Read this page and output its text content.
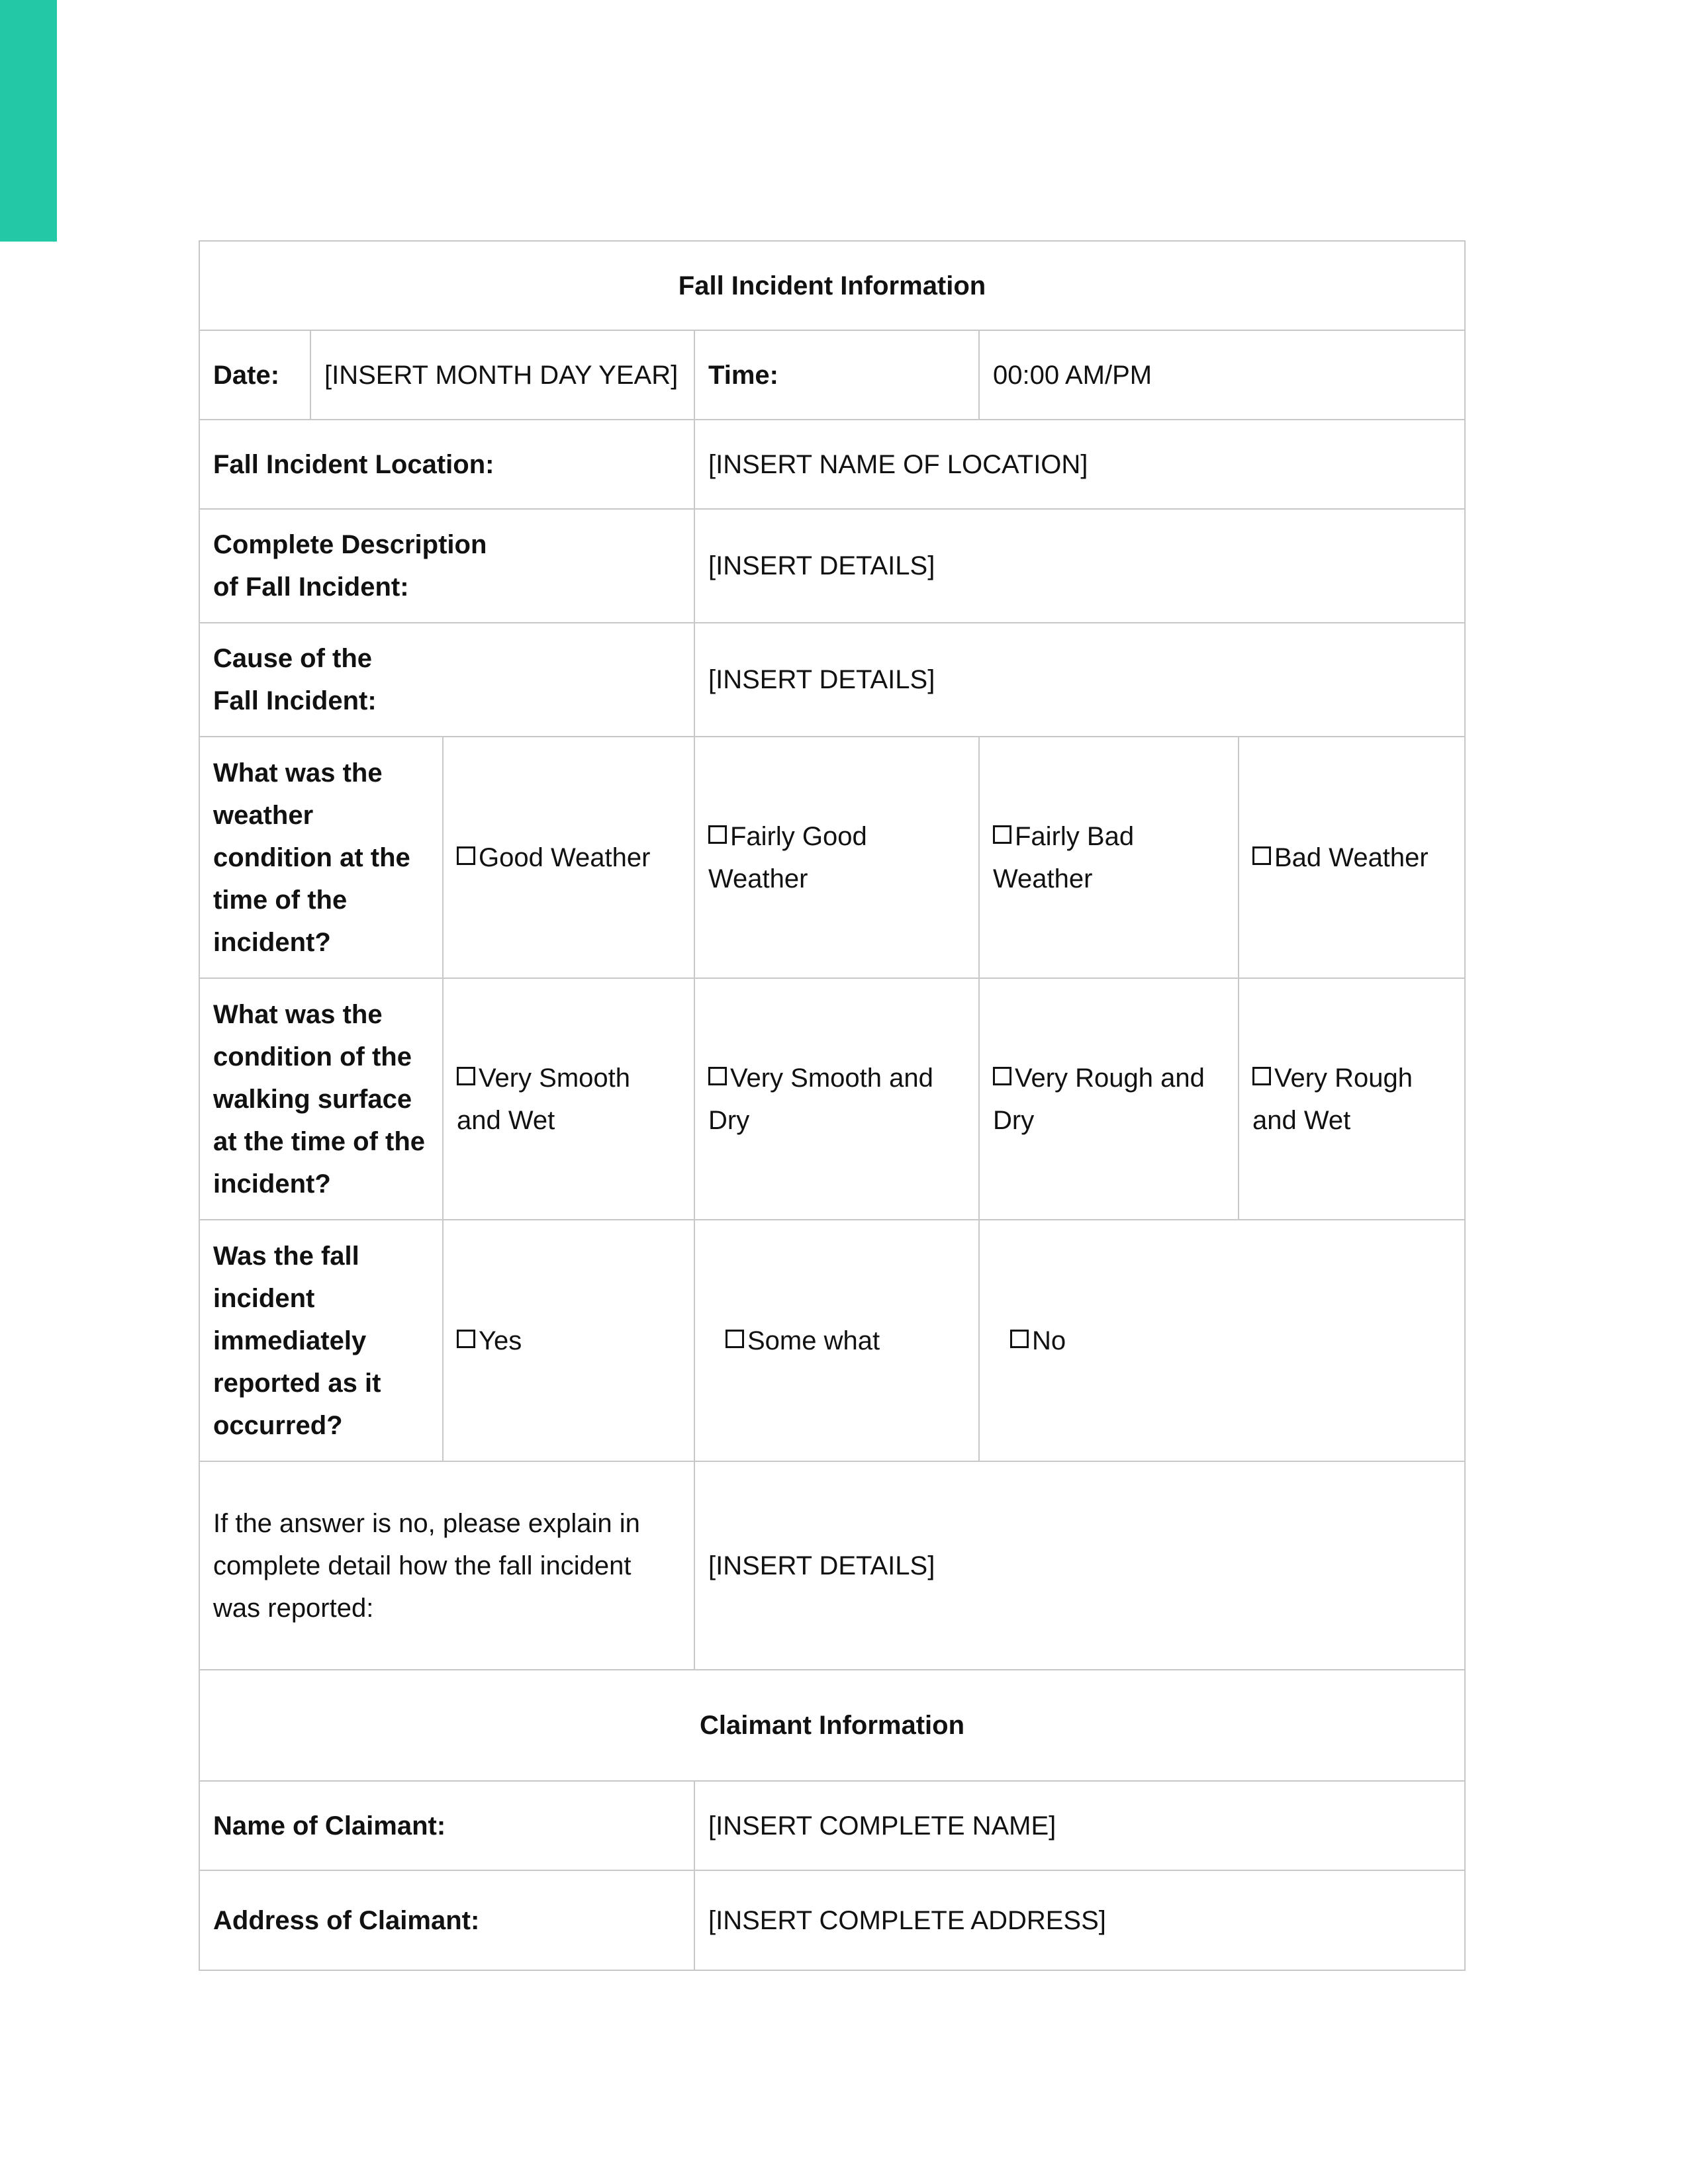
Fall Incident Information					
Date:	[INSERT MONTH DAY YEAR]		Time:	00:00 AM/PM	
Fall Incident Location:			[INSERT NAME OF LOCATION]		
Complete Description
of Fall Incident:			[INSERT DETAILS]		
Cause of the
Fall Incident:			[INSERT DETAILS]		
What was the weather condition at the time of the incident?		Good Weather	Fairly Good Weather	Fairly Bad Weather	Bad Weather
What was the condition of the walking surface at the time of the incident?		Very Smooth and Wet	Very Smooth and Dry	Very Rough and Dry	Very Rough and Wet
Was the fall incident immediately reported as it occurred?		Yes	Some what	No	
If the answer is no, please explain in complete detail how the fall incident was reported:			[INSERT DETAILS]		
Claimant Information					
Name of Claimant:			[INSERT COMPLETE NAME]		
Address of Claimant:			[INSERT COMPLETE ADDRESS]		
